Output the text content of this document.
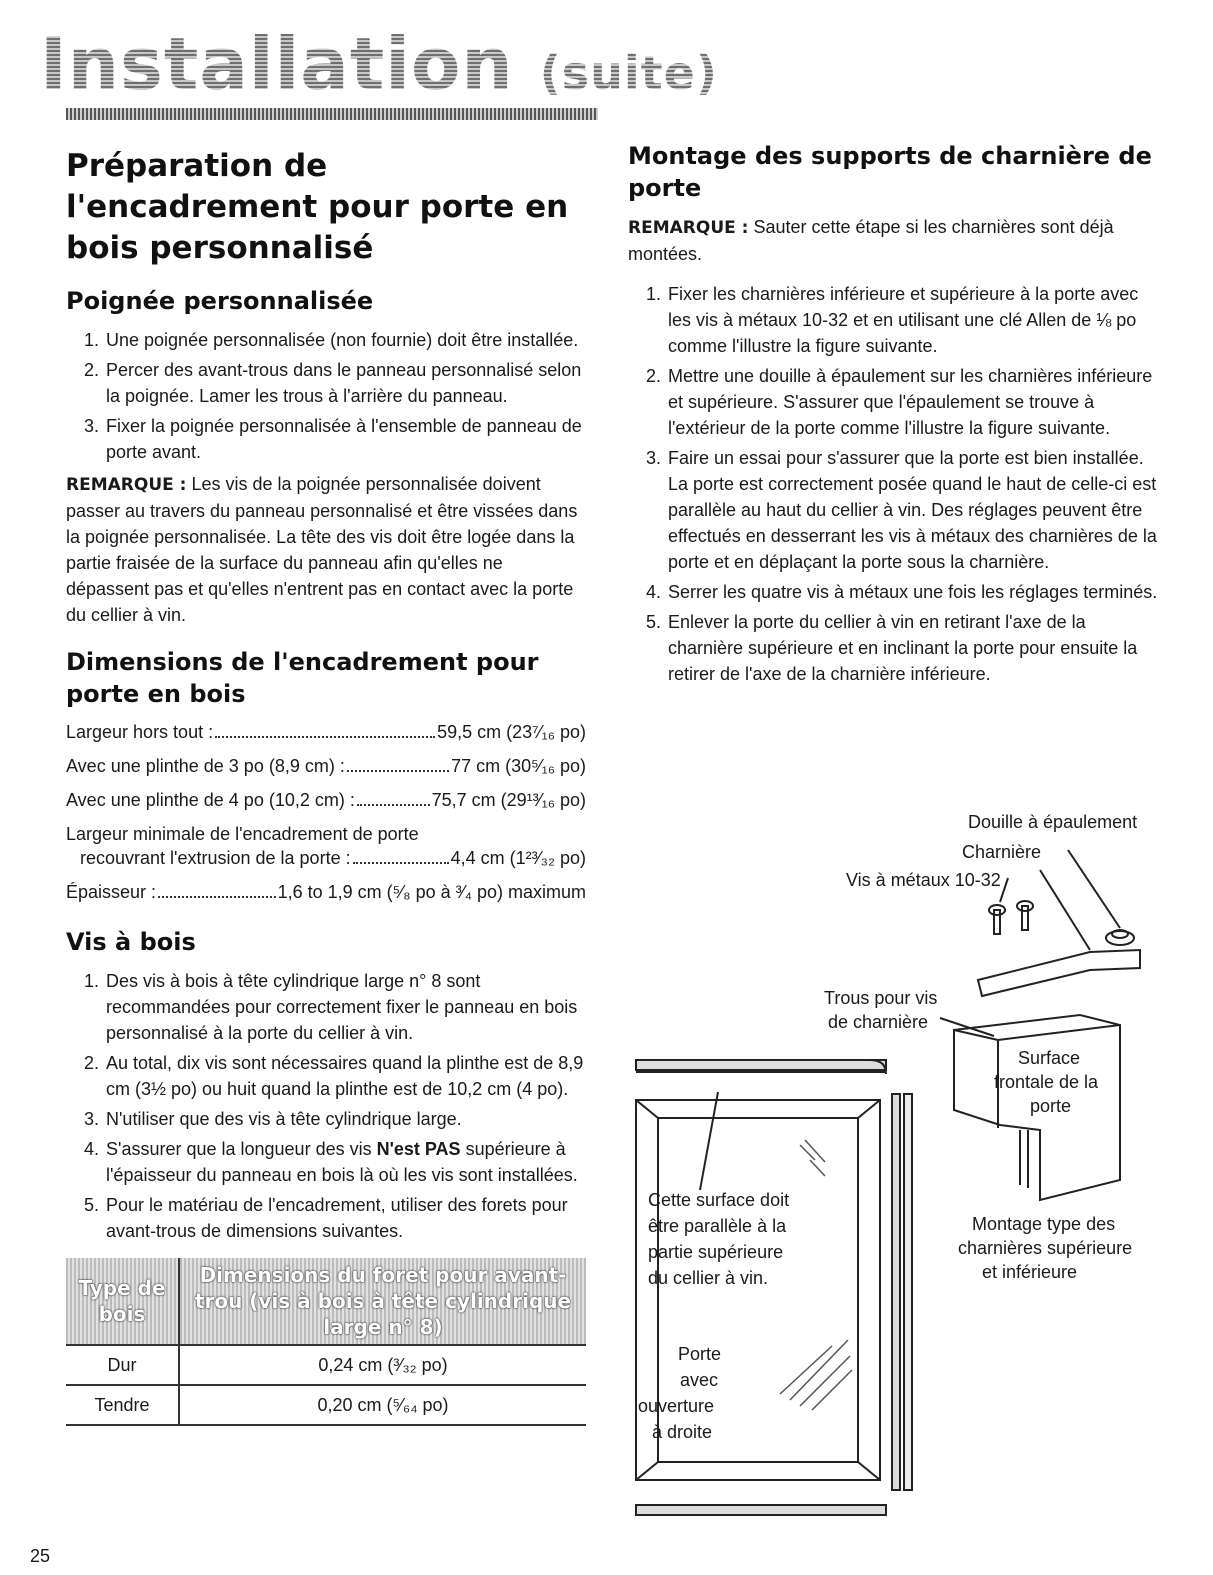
Installation (suite)
Préparation de l'encadrement pour porte en bois personnalisé
Poignée personnalisée
1. Une poignée personnalisée (non fournie) doit être installée.
2. Percer des avant-trous dans le panneau personnalisé selon la poignée. Lamer les trous à l'arrière du panneau.
3. Fixer la poignée personnalisée à l'ensemble de panneau de porte avant.

REMARQUE : Les vis de la poignée personnalisée doivent passer au travers du panneau personnalisé et être vissées dans la poignée personnalisée. La tête des vis doit être logée dans la partie fraisée de la surface du panneau afin qu'elles ne dépassent pas et qu'elles n'entrent pas en contact avec la porte du cellier à vin.

Dimensions de l'encadrement pour porte en bois
Largeur hors tout :	59,5 cm (23⁷⁄₁₆ po)
Avec une plinthe de 3 po (8,9 cm) :	77 cm (30⁵⁄₁₆ po)
Avec une plinthe de 4 po (10,2 cm) :	75,7 cm (29¹³⁄₁₆ po)
Largeur minimale de l'encadrement de porte
recouvrant l'extrusion de la porte :	4,4 cm (1²³⁄₃₂ po)
Épaisseur :	1,6 to 1,9 cm (⁵⁄₈ po à ³⁄₄ po) maximum
Vis à bois
1. Des vis à bois à tête cylindrique large n° 8 sont recommandées pour correctement fixer le panneau en bois personnalisé à la porte du cellier à vin.
2. Au total, dix vis sont nécessaires quand la plinthe est de 8,9 cm (3½ po) ou huit quand la plinthe est de 10,2 cm (4 po).
3. N'utiliser que des vis à tête cylindrique large.
4. S'assurer que la longueur des vis N'est PAS supérieure à l'épaisseur du panneau en bois là où les vis sont installées.
5. Pour le matériau de l'encadrement, utiliser des forets pour avant-trous de dimensions suivantes.
Type de bois	Dimensions du foret pour avant-trou (vis à bois à tête cylindrique large n° 8)
Dur	0,24 cm (³⁄₃₂ po)
Tendre	0,20 cm (⁵⁄₆₄ po)
Montage des supports de charnière de porte

REMARQUE : Sauter cette étape si les charnières sont déjà montées.

1. Fixer les charnières inférieure et supérieure à la porte avec les vis à métaux 10-32 et en utilisant une clé Allen de ⅛ po comme l'illustre la figure suivante.
2. Mettre une douille à épaulement sur les charnières inférieure et supérieure. S'assurer que l'épaulement se trouve à l'extérieur de la porte comme l'illustre la figure suivante.
3. Faire un essai pour s'assurer que la porte est bien installée. La porte est correctement posée quand le haut de celle-ci est parallèle au haut du cellier à vin. Des réglages peuvent être effectués en desserrant les vis à métaux des charnières de la porte et en déplaçant la porte sous la charnière.
4. Serrer les quatre vis à métaux une fois les réglages terminés.
5. Enlever la porte du cellier à vin en retirant l'axe de la charnière supérieure et en inclinant la porte pour ensuite la retirer de l'axe de la charnière inférieure.
Douille à épaulement
Charnière
Vis à métaux 10-32
Trous pour vis
de charnière
Surface
frontale de la
porte
Montage type des
charnières supérieure
et inférieure
Cette surface doit
être parallèle à la
partie supérieure
du cellier à vin.
Porte
avec
ouverture
à droite
25
